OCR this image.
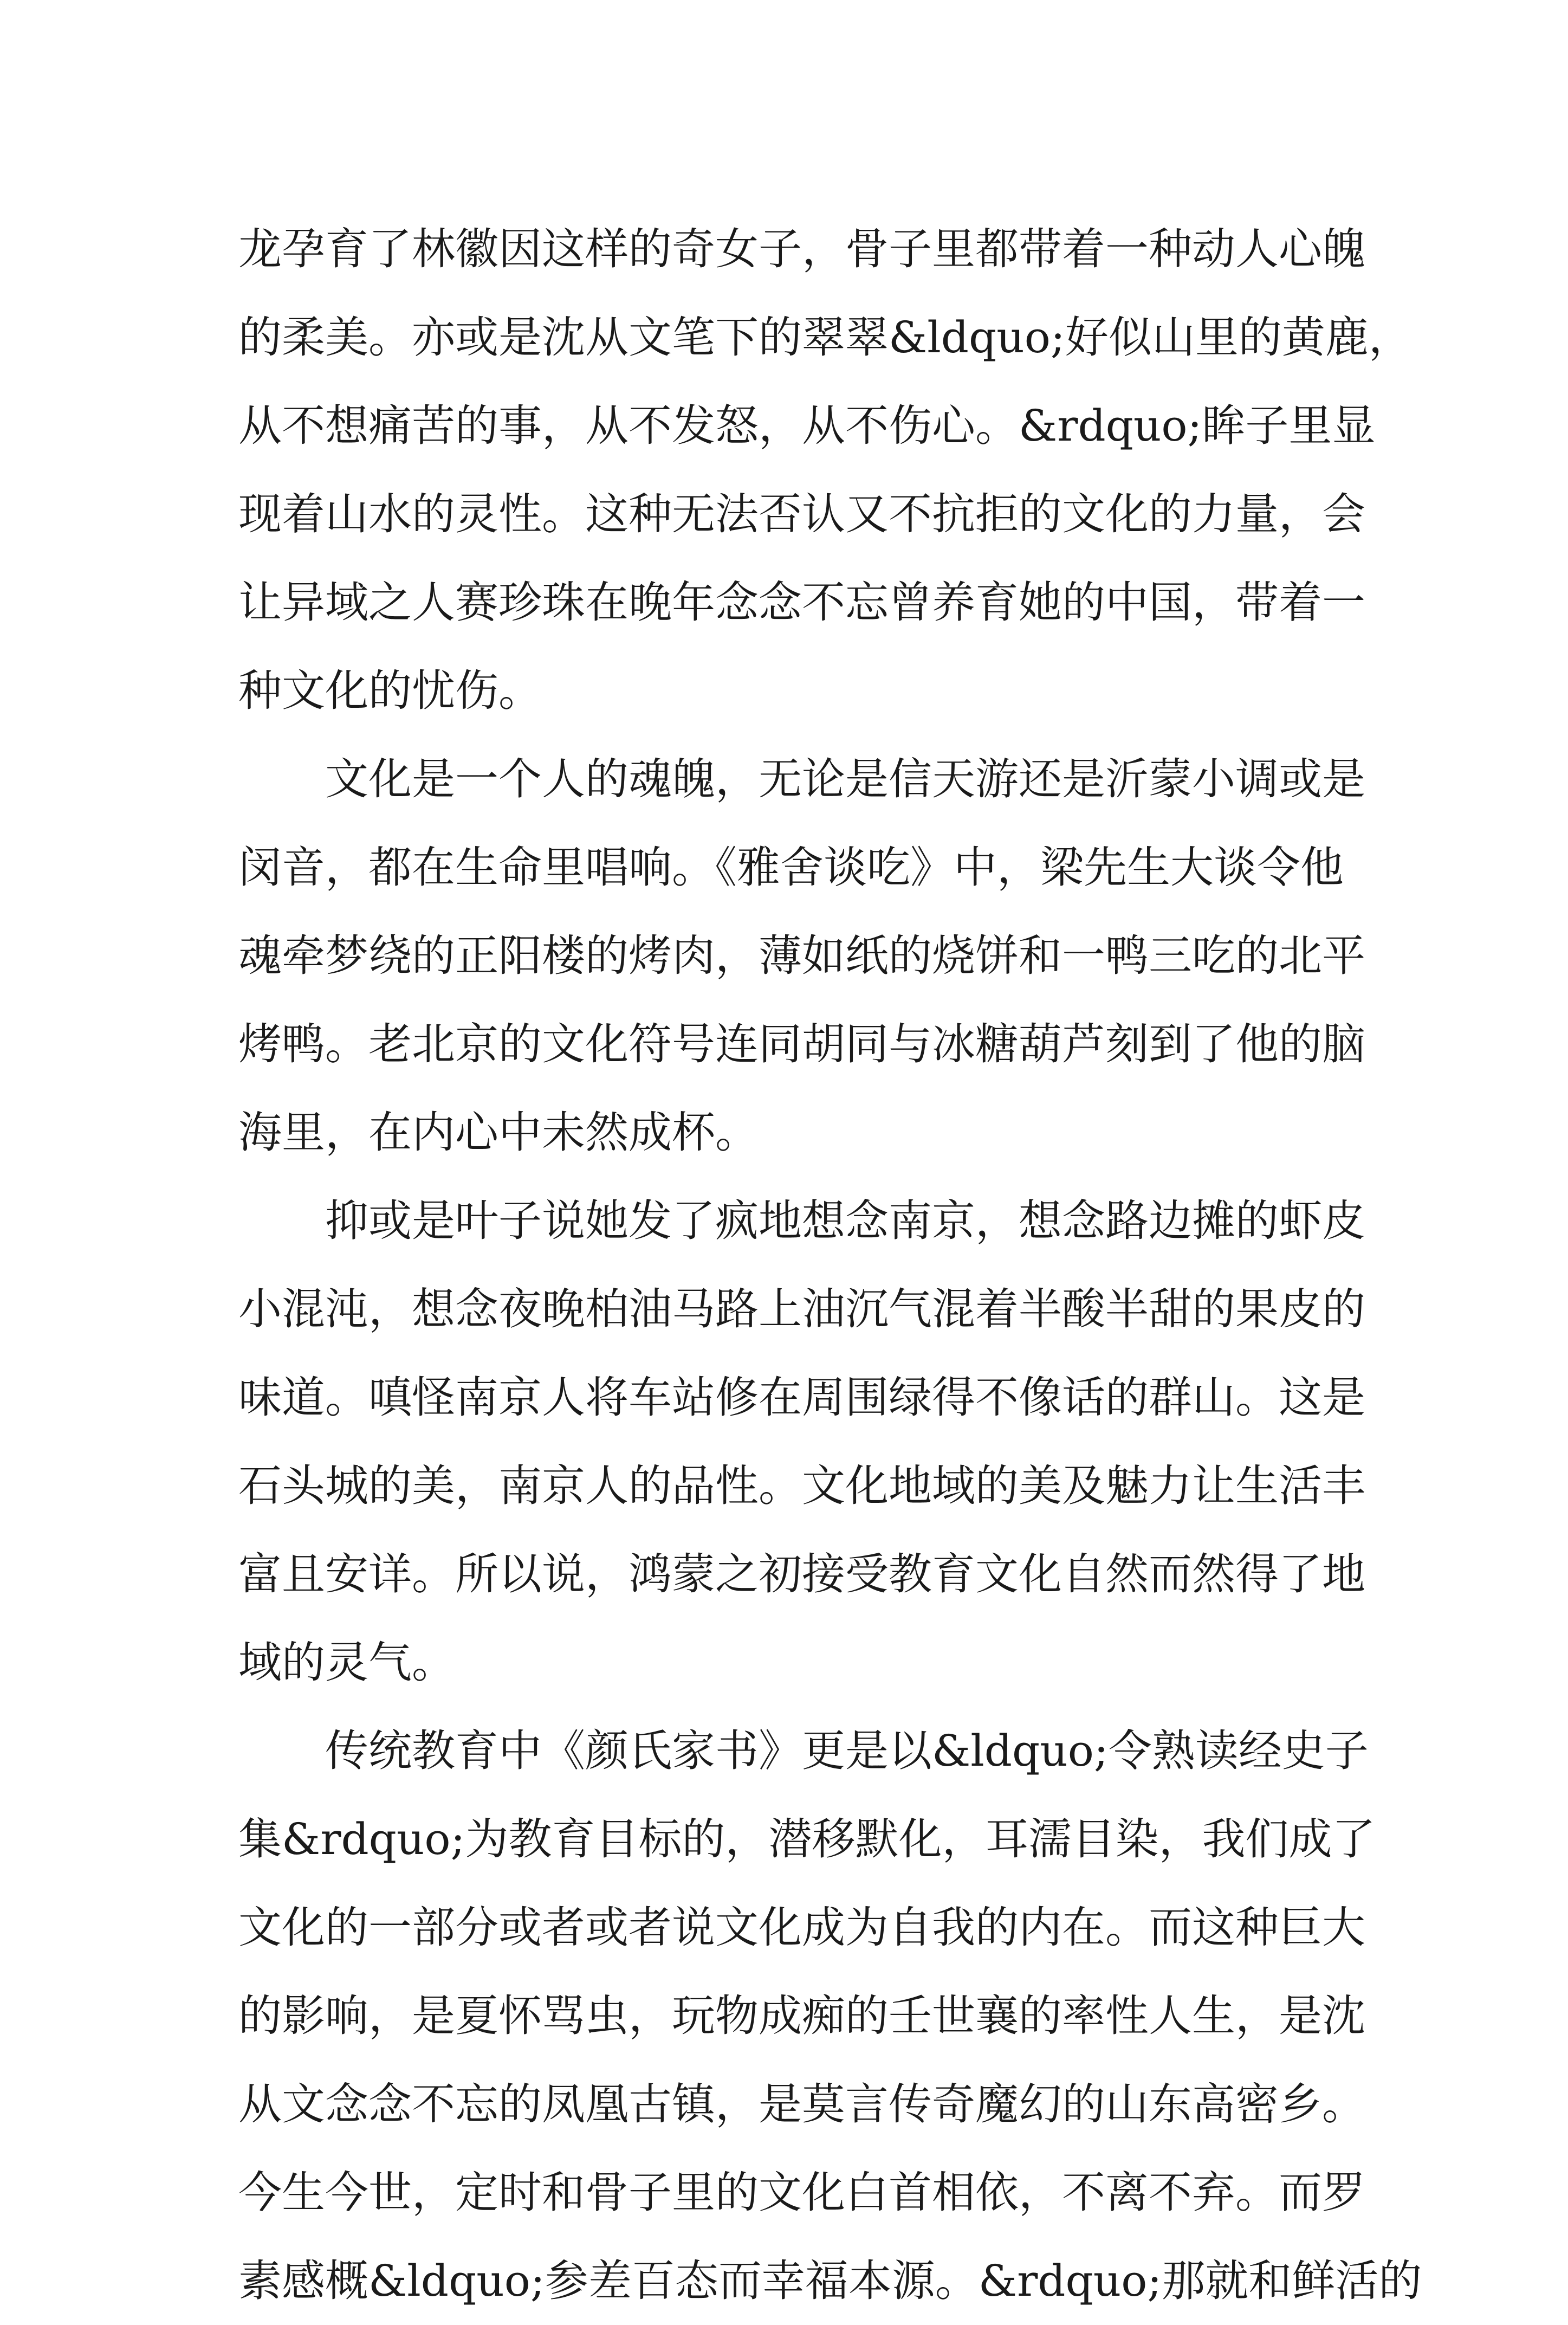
龙孕育了林徽因这样的奇女子，骨子里都带着一种动人心魄
的柔美。亦或是沈从文笔下的翠翠&ldquo;好似山里的黄鹿，
从不想痛苦的事，从不发怒，从不伤心。&rdquo;眸子里显
现着山水的灵性。这种无法否认又不抗拒的文化的力量，会
让异域之人赛珍珠在晚年念念不忘曾养育她的中国，带着一
种文化的忧伤。
文化是一个人的魂魄，无论是信天游还是沂蒙小调或是
闵音，都在生命里唱响。《雅舍谈吃》中，梁先生大谈令他
魂牵梦绕的正阳楼的烤肉，薄如纸的烧饼和一鸭三吃的北平
烤鸭。老北京的文化符号连同胡同与冰糖葫芦刻到了他的脑
海里，在内心中未然成杯。
抑或是叶子说她发了疯地想念南京，想念路边摊的虾皮
小混沌，想念夜晚柏油马路上油沉气混着半酸半甜的果皮的
味道。嗔怪南京人将车站修在周围绿得不像话的群山。这是
石头城的美，南京人的品性。文化地域的美及魅力让生活丰
富且安详。所以说，鸿蒙之初接受教育文化自然而然得了地
域的灵气。
传统教育中《颜氏家书》更是以&ldquo;令熟读经史子
集&rdquo;为教育目标的，潜移默化，耳濡目染，我们成了
文化的一部分或者或者说文化成为自我的内在。而这种巨大
的影响，是夏怀骂虫，玩物成痴的壬世襄的率性人生，是沈
从文念念不忘的凤凰古镇，是莫言传奇魔幻的山东高密乡。
今生今世，定时和骨子里的文化白首相依，不离不弃。而罗
素感概&ldquo;参差百态而幸福本源。&rdquo;那就和鲜活的
